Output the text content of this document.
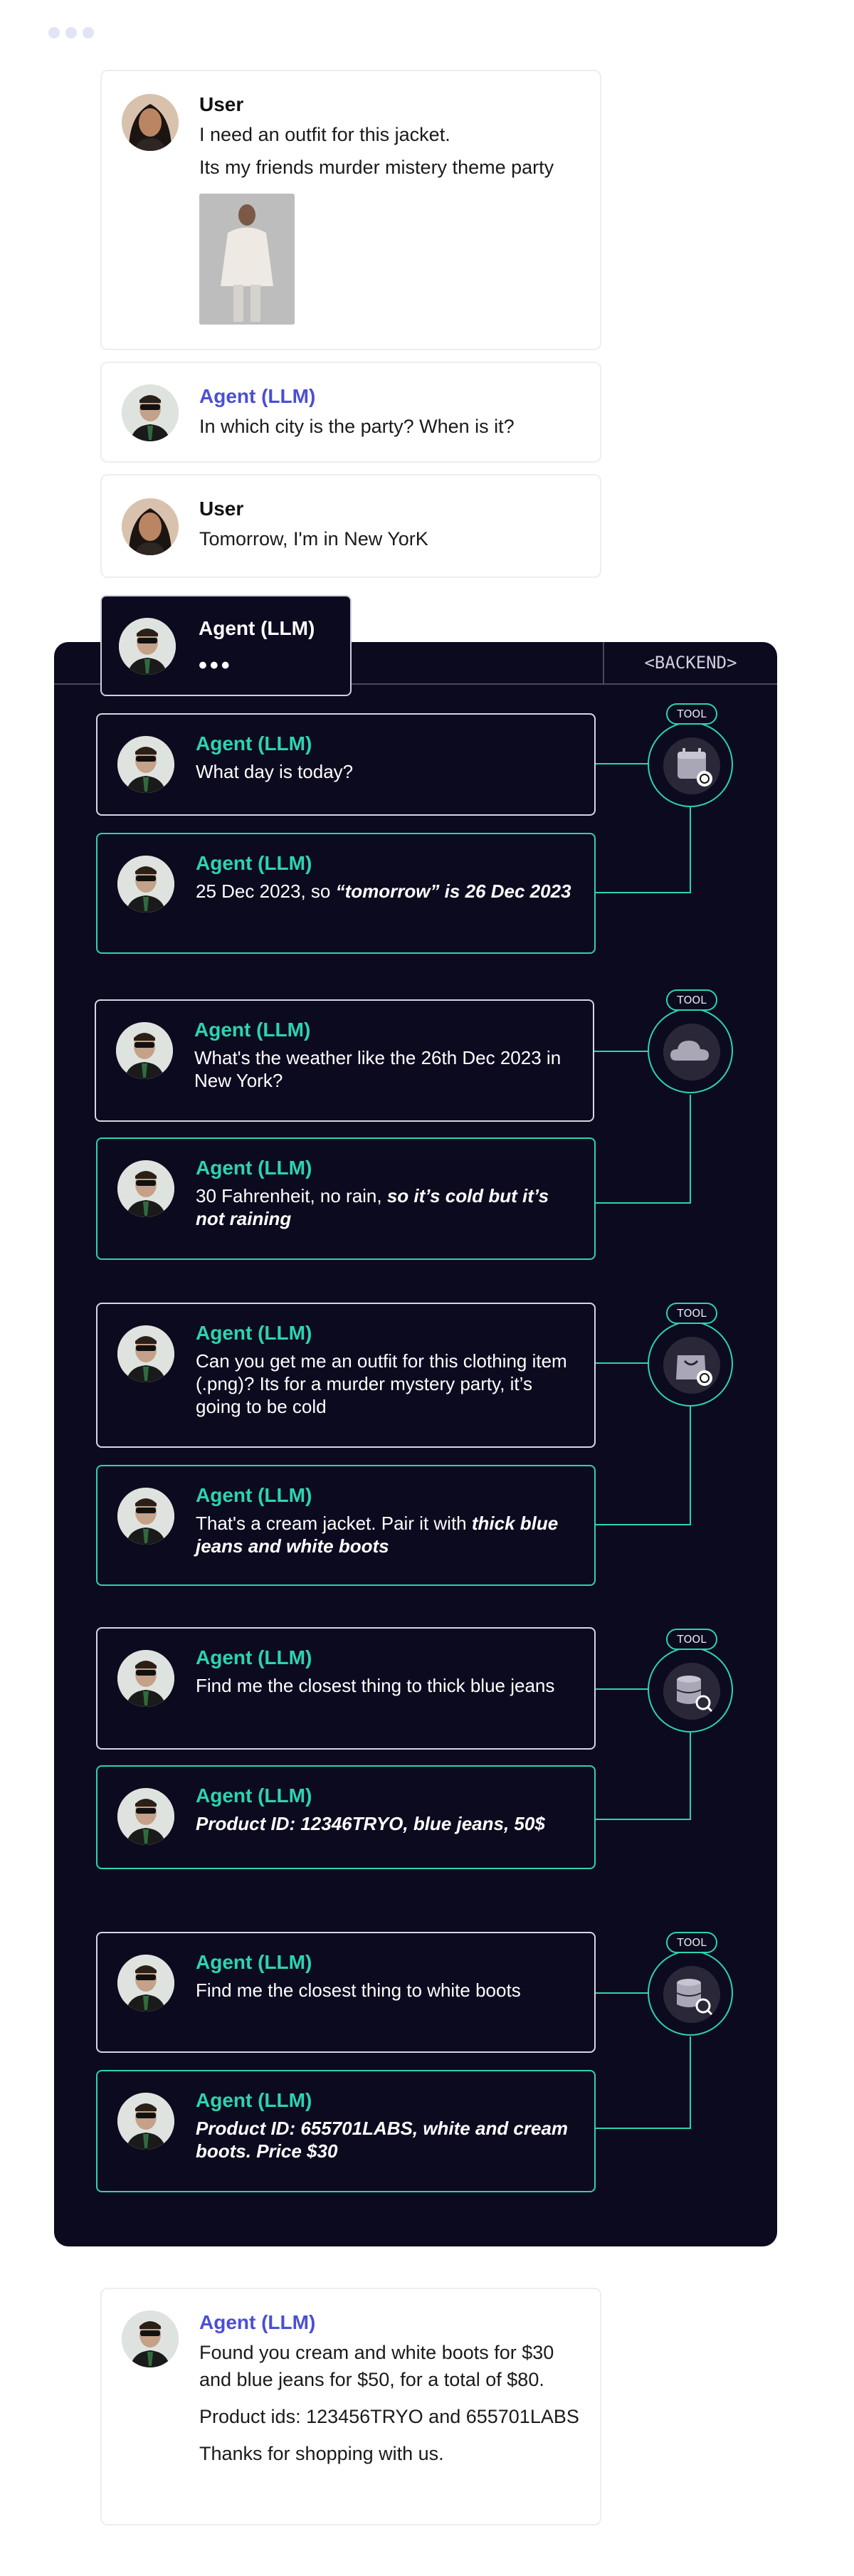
User
I need an outfit for this jacket.
Its my friends murder mistery theme party
Agent (LLM)
In which city is the party? When is it?
User
Tomorrow, I'm in New YorK
<BACKEND>
Agent (LLM)
•••
Agent (LLM)
What day is today?
Agent (LLM)
25 Dec 2023, so “tomorrow” is 26 Dec 2023
TOOL
Agent (LLM)
What's the weather like the 26th Dec 2023 in New York?
Agent (LLM)
30 Fahrenheit, no rain, so it’s cold but it’s not raining
TOOL
Agent (LLM)
Can you get me an outfit for this clothing item (.png)? Its for a murder mystery party, it’s going to be cold
Agent (LLM)
That's a cream jacket. Pair it with thick blue jeans and white boots
TOOL
Agent (LLM)
Find me the closest thing to thick blue jeans
Agent (LLM)
Product ID: 12346TRYO, blue jeans, 50$
TOOL
Agent (LLM)
Find me the closest thing to white boots
Agent (LLM)
Product ID: 655701LABS, white and cream boots. Price $30
TOOL
Agent (LLM)
Found you cream and white boots for $30 and blue jeans for $50, for a total of $80.
Product ids: 123456TRYO and 655701LABS
Thanks for shopping with us.
